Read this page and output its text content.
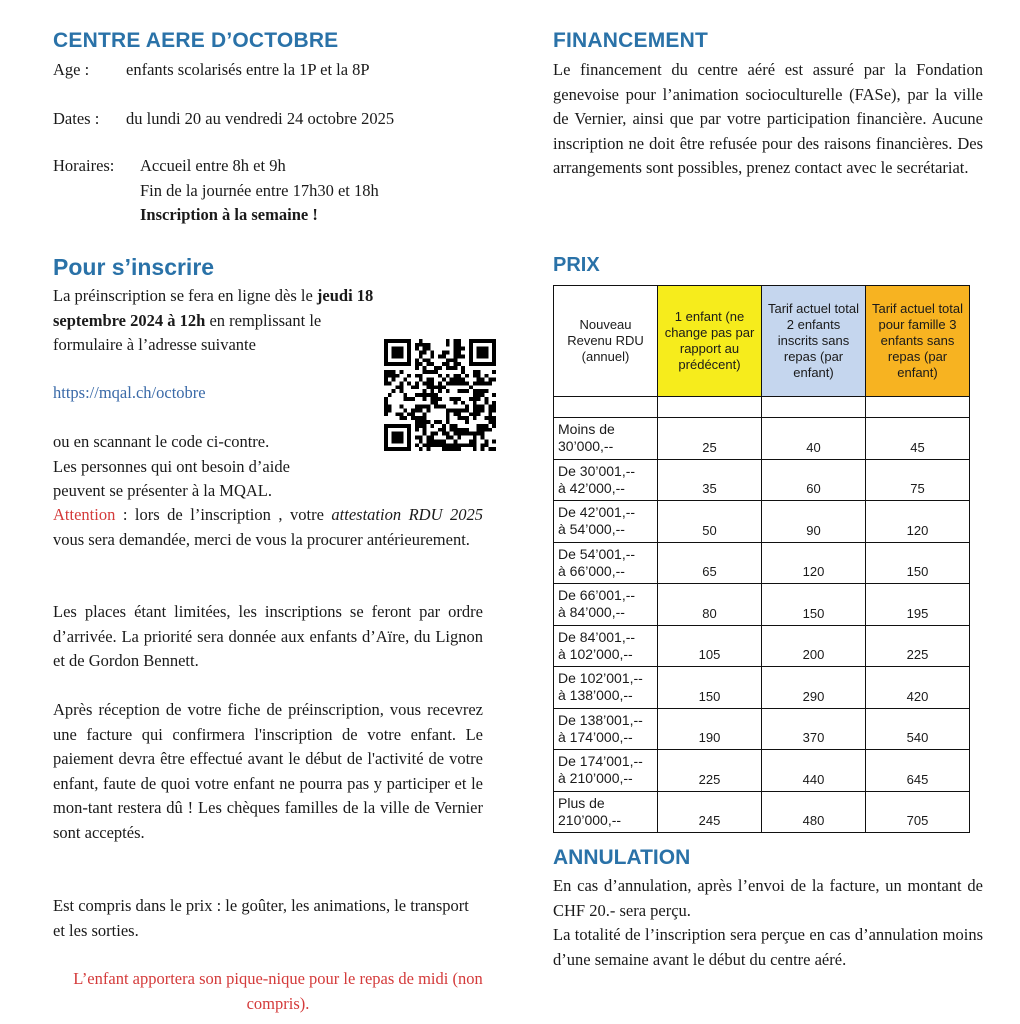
CENTRE AERE D’OCTOBRE

Age : enfants scolarisés entre la 1P et la 8P

Dates : du lundi 20 au vendredi 24 octobre 2025

Horaires: Accueil entre 8h et 9h
Fin de la journée entre 17h30 et 18h
Inscription à la semaine !

Pour s’inscrire

La préinscription se fera en ligne dès le jeudi 18
septembre 2024 à 12h en remplissant le
formulaire à l’adresse suivante

https://mqal.ch/octobre

ou en scannant le code ci-contre.
Les personnes qui ont besoin d’aide
peuvent se présenter à la MQAL.

Attention : lors de l’inscription , votre attestation RDU 2025 vous sera demandée, merci de vous la procurer antérieurement.

Les places étant limitées, les inscriptions se feront par ordre d’arrivée. La priorité sera donnée aux enfants d’Aïre, du Lignon et de Gordon Bennett.

Après réception de votre fiche de préinscription, vous recevrez une facture qui confirmera l'inscription de votre enfant. Le paiement devra être effectué avant le début de l'activité de votre enfant, faute de quoi votre enfant ne pourra pas y participer et le mon-tant restera dû ! Les chèques familles de la ville de Vernier sont acceptés.

Est compris dans le prix : le goûter, les animations, le transport et les sorties.

L’enfant apportera son pique-nique pour le repas de midi (non compris).

FINANCEMENT

Le financement du centre aéré est assuré par la Fondation genevoise pour l’animation socioculturelle (FASe), par la ville de Vernier, ainsi que par votre participation financière. Aucune inscription ne doit être refusée pour des raisons financières. Des arrangements sont possibles, prenez contact avec le secrétariat.

PRIX
ANNULATION

En cas d’annulation, après l’envoi de la facture, un montant de CHF 20.- sera perçu.

La totalité de l’inscription sera perçue en cas d’annulation moins d’une semaine avant le début du centre aéré.

Nouveau Revenu RDU (annuel)	1 enfant (ne change pas par rapport au prédécent)	Tarif actuel total 2 enfants inscrits sans repas (par enfant)	Tarif actuel total pour famille 3 enfants sans repas (par enfant)

Moins de
30’000,--	25	40	45
De 30’001,--
à 42’000,--	35	60	75
De 42’001,--
à 54’000,--	50	90	120
De 54’001,--
à 66’000,--	65	120	150
De 66’001,--
à 84’000,--	80	150	195
De 84’001,--
à 102’000,--	105	200	225
De 102’001,--
à 138’000,--	150	290	420
De 138’001,--
à 174’000,--	190	370	540
De 174’001,--
à 210’000,--	225	440	645
Plus de
210’000,--	245	480	705
